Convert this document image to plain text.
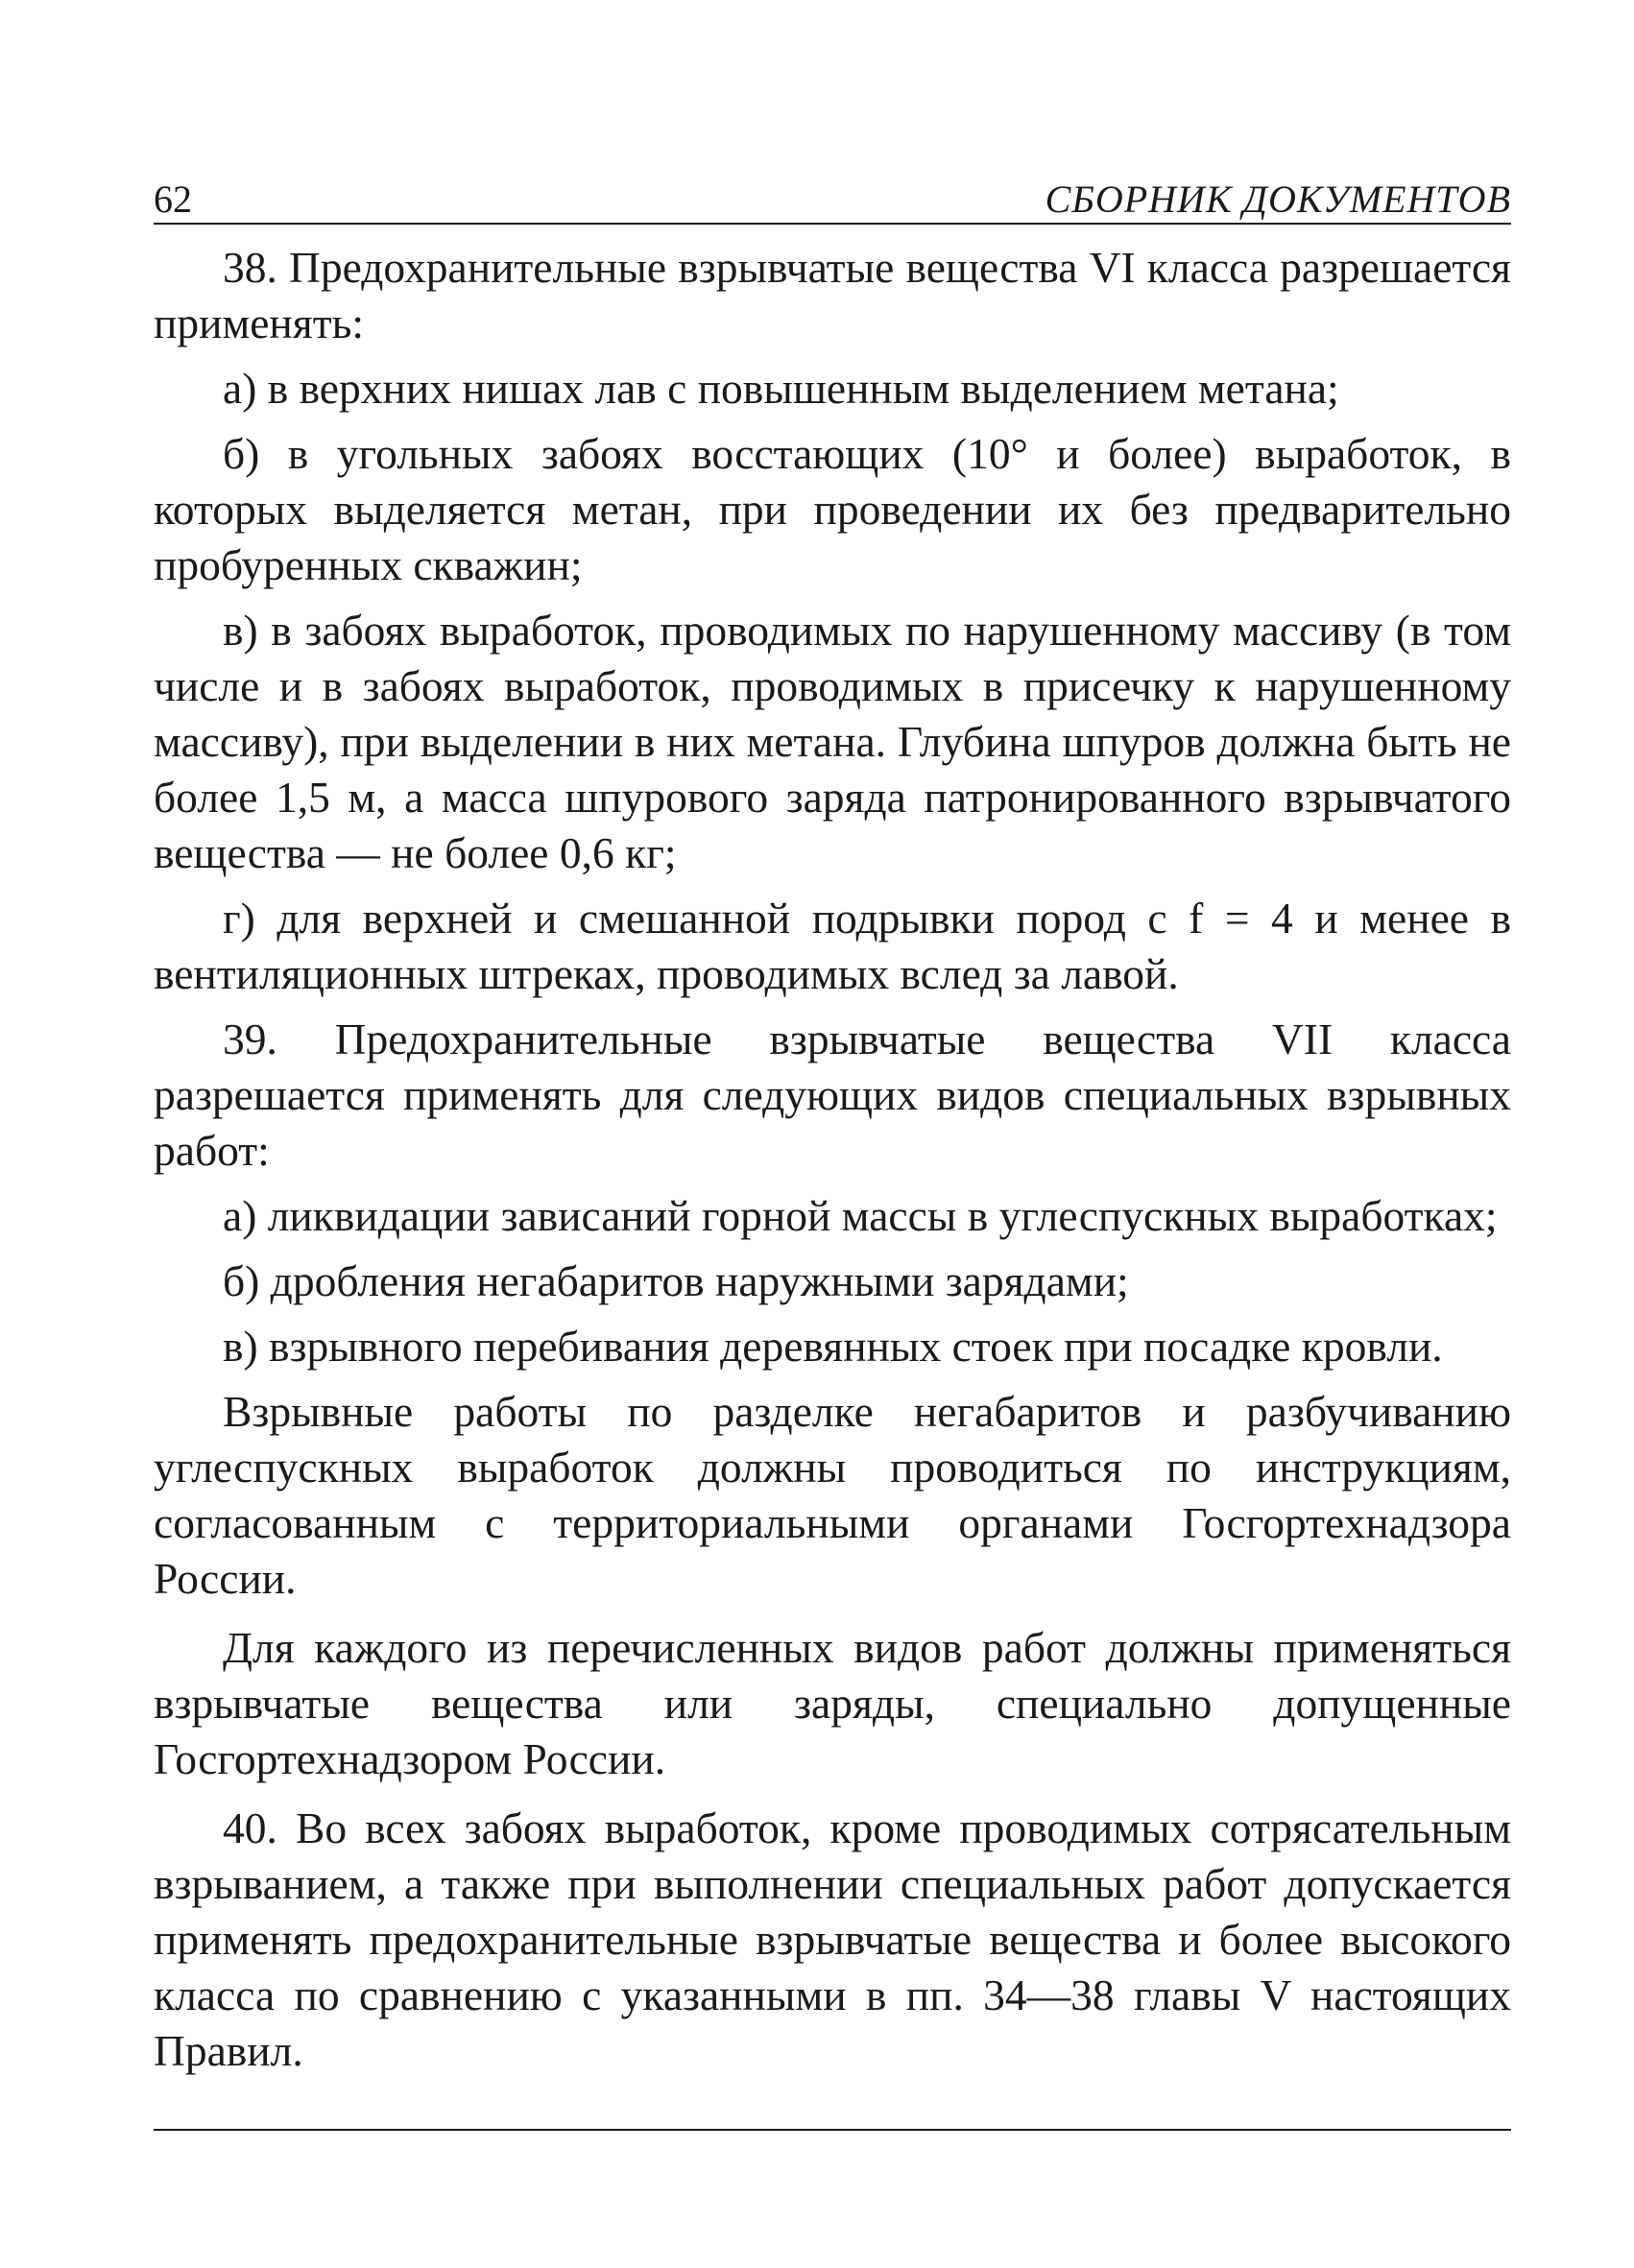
62	СБОРНИК ДОКУМЕНТОВ

38. Предохранительные взрывчатые вещества VI класса разрешается применять:

а) в верхних нишах лав с повышенным выделением метана;

б) в угольных забоях восстающих (10° и более) выработок, в которых выделяется метан, при проведении их без предварительно пробуренных скважин;

в) в забоях выработок, проводимых по нарушенному массиву (в том числе и в забоях выработок, проводимых в присечку к нарушенному массиву), при выделении в них метана. Глубина шпуров должна быть не более 1,5 м, а масса шпурового заряда патронированного взрывчатого вещества — не более 0,6 кг;

г) для верхней и смешанной подрывки пород с f = 4 и менее в вентиляционных штреках, проводимых вслед за лавой.

39. Предохранительные взрывчатые вещества VII класса разрешается применять для следующих видов специальных взрывных работ:

а) ликвидации зависаний горной массы в углеспускных выработках;

б) дробления негабаритов наружными зарядами;

в) взрывного перебивания деревянных стоек при посадке кровли.

Взрывные работы по разделке негабаритов и разбучиванию углеспускных выработок должны проводиться по инструкциям, согласованным с территориальными органами Госгортехнадзора России.

Для каждого из перечисленных видов работ должны применяться взрывчатые вещества или заряды, специально допущенные Госгортехнадзором России.

40. Во всех забоях выработок, кроме проводимых сотрясательным взрыванием, а также при выполнении специальных работ допускается применять предохранительные взрывчатые вещества и более высокого класса по сравнению с указанными в пп. 34—38 главы V настоящих Правил.
